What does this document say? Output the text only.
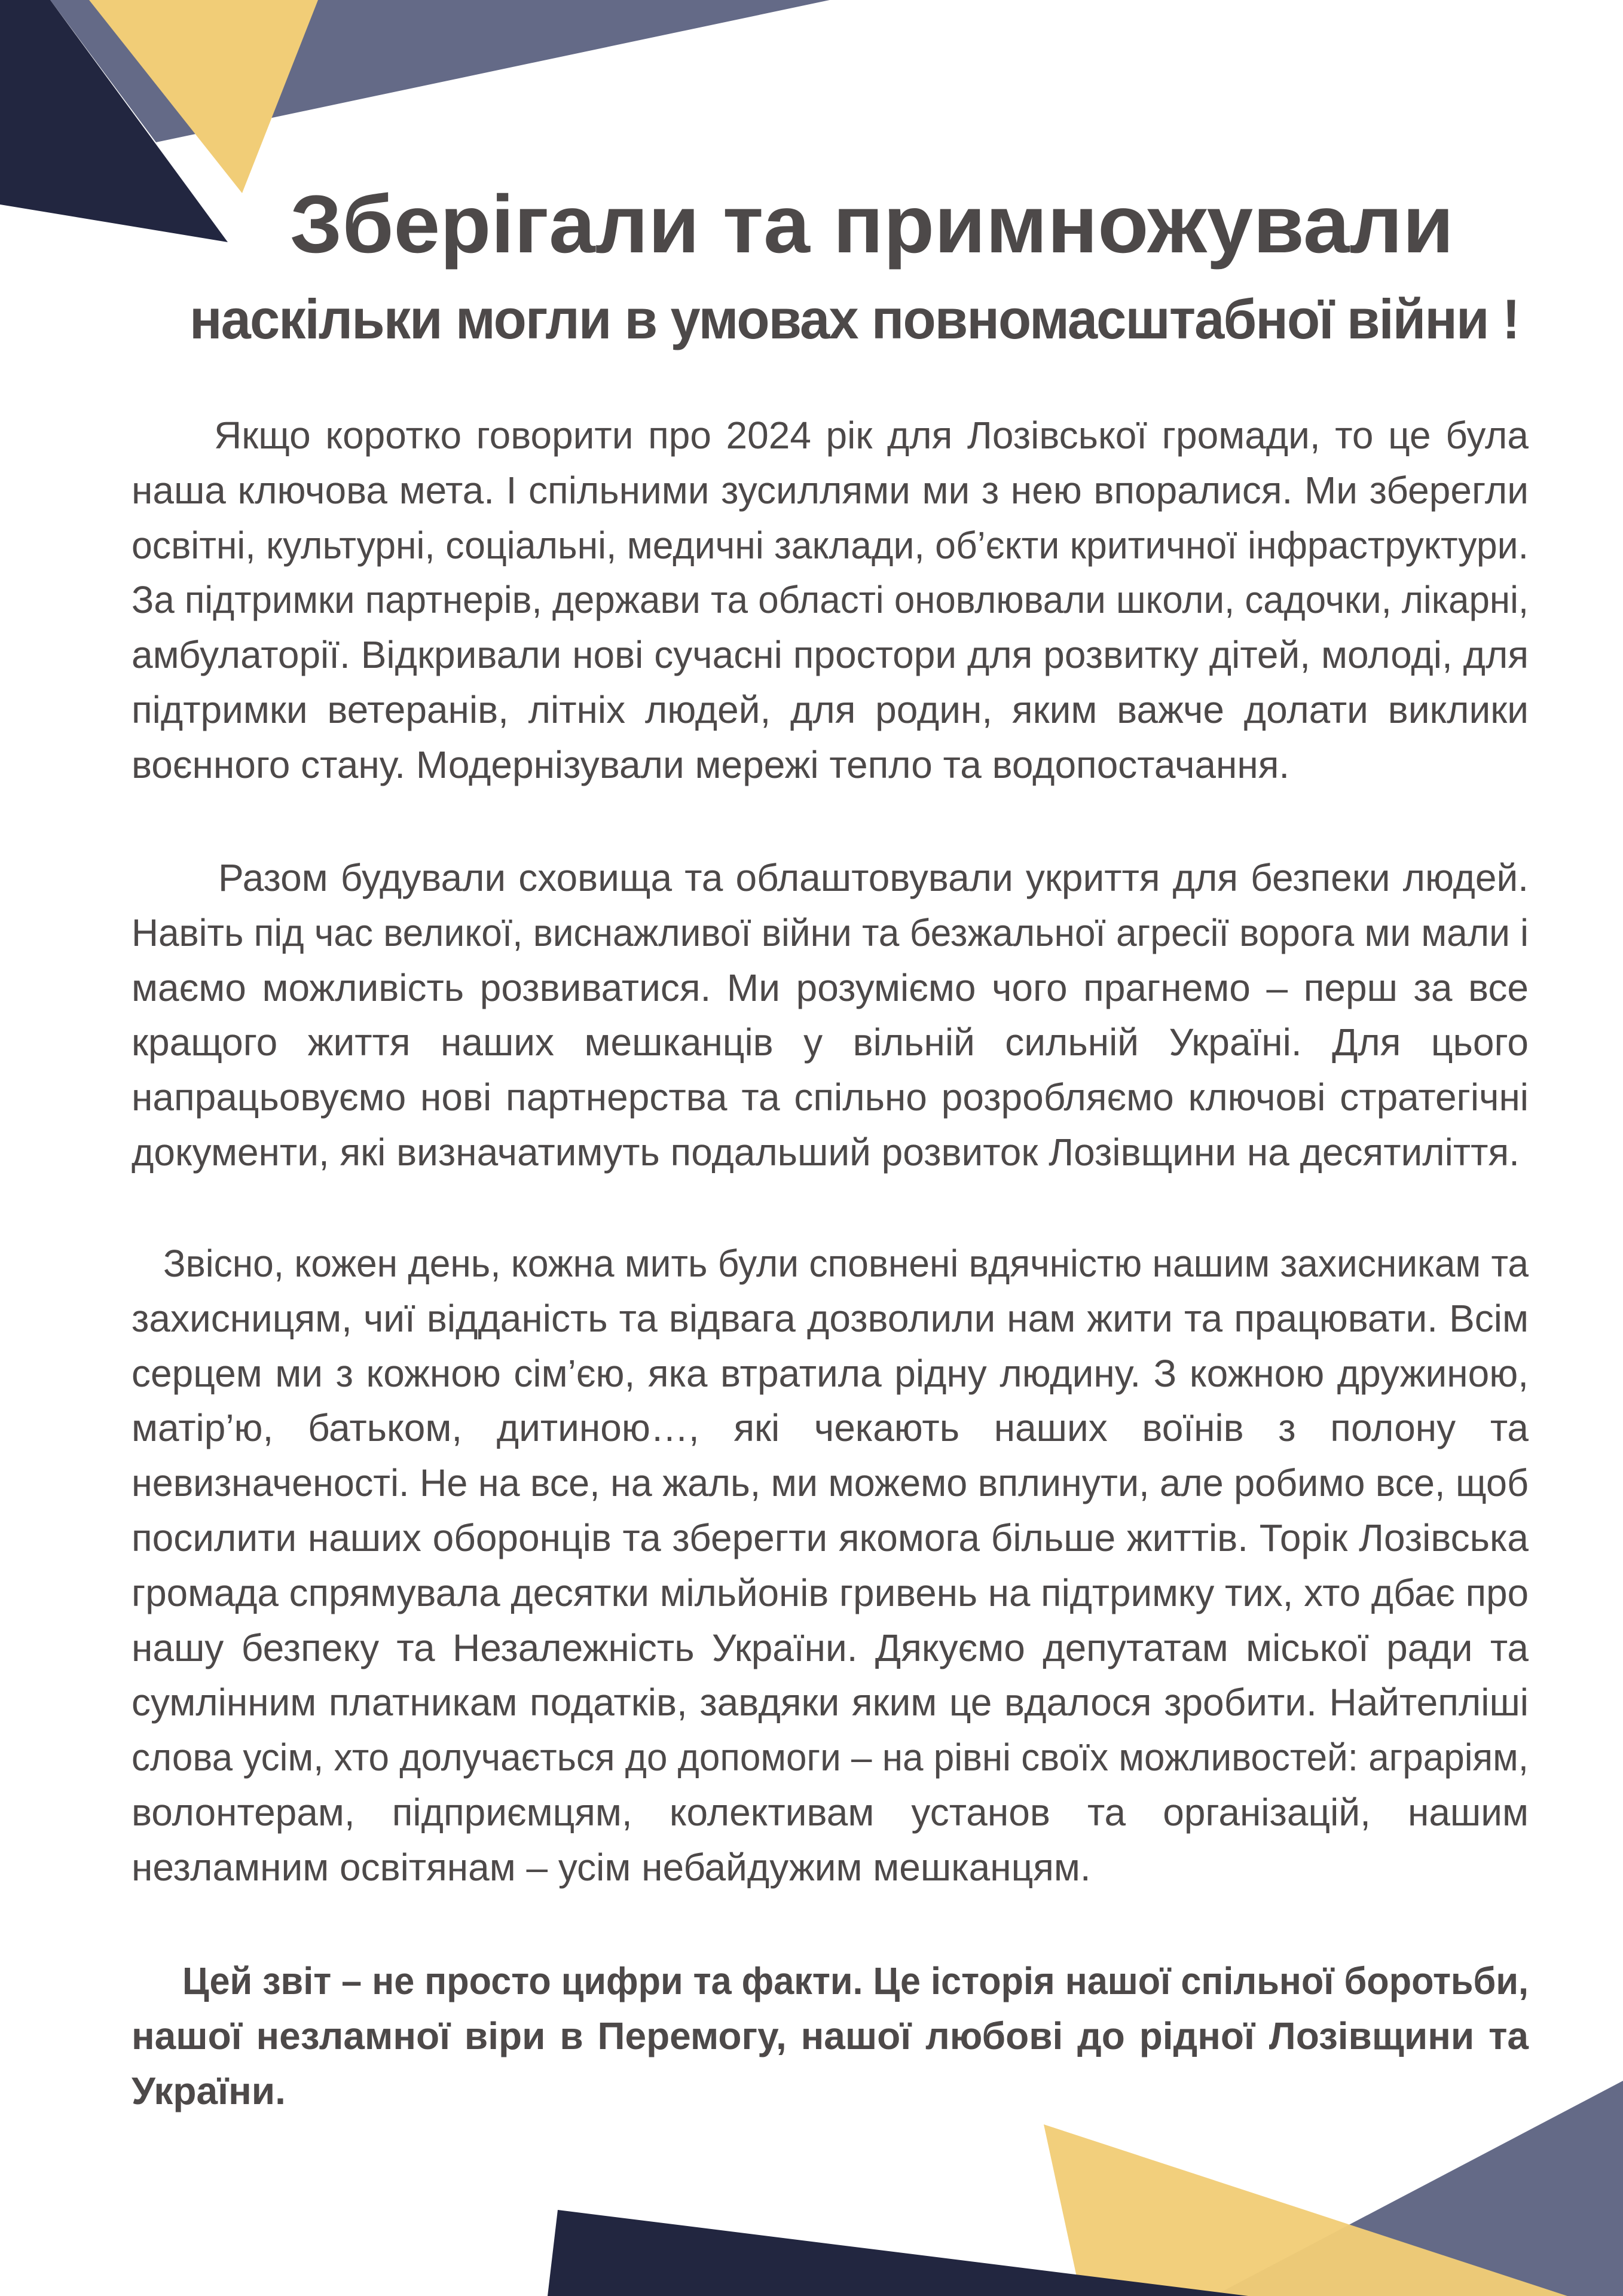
Зберігали та примножували
наскільки могли в умовах повномасштабної війни !
Якщо коротко говорити про 2024 рік для Лозівської громади, то це була
наша ключова мета. І спільними зусиллями ми з нею впоралися. Ми зберегли
освітні, культурні, соціальні, медичні заклади, об’єкти критичної інфраструктури.
За підтримки партнерів, держави та області оновлювали школи, садочки, лікарні,
амбулаторії. Відкривали нові сучасні простори для розвитку дітей, молоді, для
підтримки ветеранів, літніх людей, для родин, яким важче долати виклики
воєнного стану. Модернізували мережі тепло та водопостачання.
Разом будували сховища та облаштовували укриття для безпеки людей.
Навіть під час великої, виснажливої війни та безжальної агресії ворога ми мали і
маємо можливість розвиватися. Ми розуміємо чого прагнемо – перш за все
кращого життя наших мешканців у вільній сильній Україні. Для цього
напрацьовуємо нові партнерства та спільно розробляємо ключові стратегічні
документи, які визначатимуть подальший розвиток Лозівщини на десятиліття.
Звісно, кожен день, кожна мить були сповнені вдячністю нашим захисникам та
захисницям, чиї відданість та відвага дозволили нам жити та працювати. Всім
серцем ми з кожною сім’єю, яка втратила рідну людину. З кожною дружиною,
матір’ю, батьком, дитиною…, які чекають наших воїнів з полону та
невизначеності. Не на все, на жаль, ми можемо вплинути, але робимо все, щоб
посилити наших оборонців та зберегти якомога більше життів. Торік Лозівська
громада спрямувала десятки мільйонів гривень на підтримку тих, хто дбає про
нашу безпеку та Незалежність України. Дякуємо депутатам міської ради та
сумлінним платникам податків, завдяки яким це вдалося зробити. Найтепліші
слова усім, хто долучається до допомоги – на рівні своїх можливостей: аграріям,
волонтерам, підприємцям, колективам установ та організацій, нашим
незламним освітянам – усім небайдужим мешканцям.
Цей звіт – не просто цифри та факти. Це історія нашої спільної боротьби,
нашої незламної віри в Перемогу, нашої любові до рідної Лозівщини та
України.
